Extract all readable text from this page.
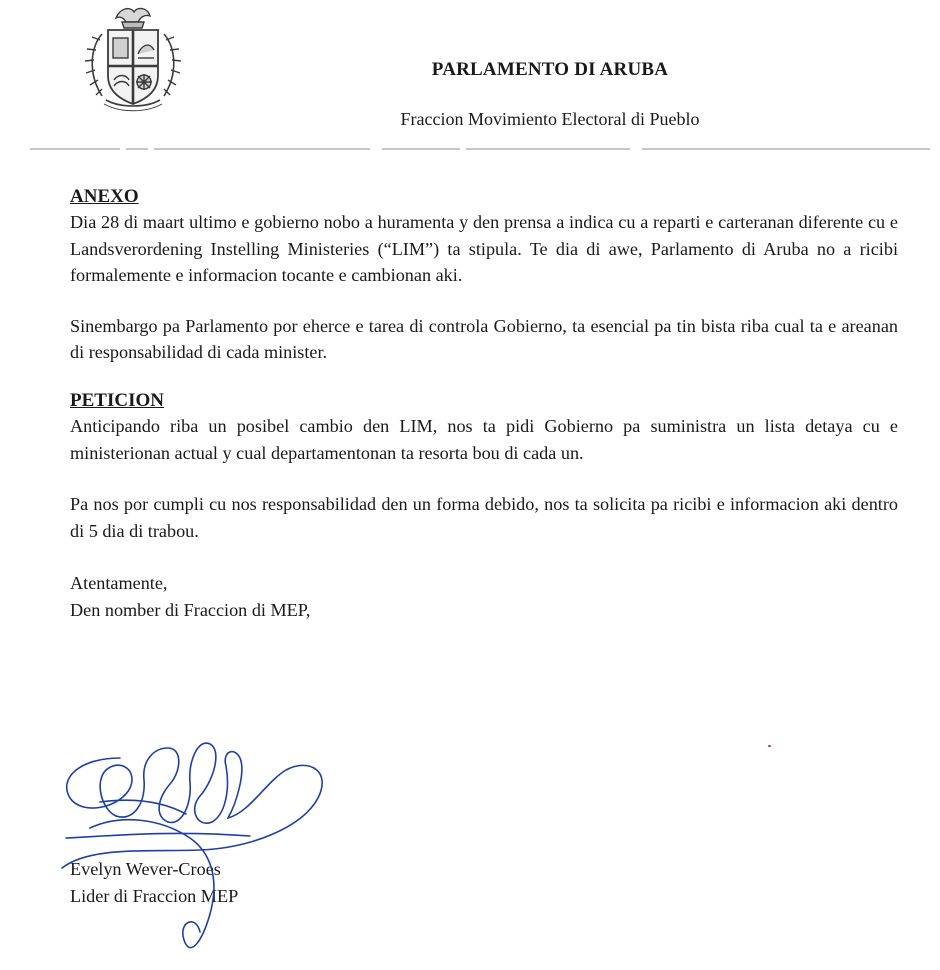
PARLAMENTO DI ARUBA

Fraccion Movimiento Electoral di Pueblo

ANEXO

Dia 28 di maart ultimo e gobierno nobo a huramenta y den prensa a indica cu a reparti e carteranan diferente cu e Landsverordening Instelling Ministeries (“LIM”) ta stipula. Te dia di awe, Parlamento di Aruba no a ricibi formalemente e informacion tocante e cambionan aki.

Sinembargo pa Parlamento por eherce e tarea di controla Gobierno, ta esencial pa tin bista riba cual ta e areanan di responsabilidad di cada minister.

PETICION

Anticipando riba un posibel cambio den LIM, nos ta pidi Gobierno pa suministra un lista detaya cu e ministerionan actual y cual departamentonan ta resorta bou di cada un.

Pa nos por cumpli cu nos responsabilidad den un forma debido, nos ta solicita pa ricibi e informacion aki dentro di 5 dia di trabou.

Atentamente,
Den nomber di Fraccion di MEP,

Evelyn Wever-Croes
Lider di Fraccion MEP
